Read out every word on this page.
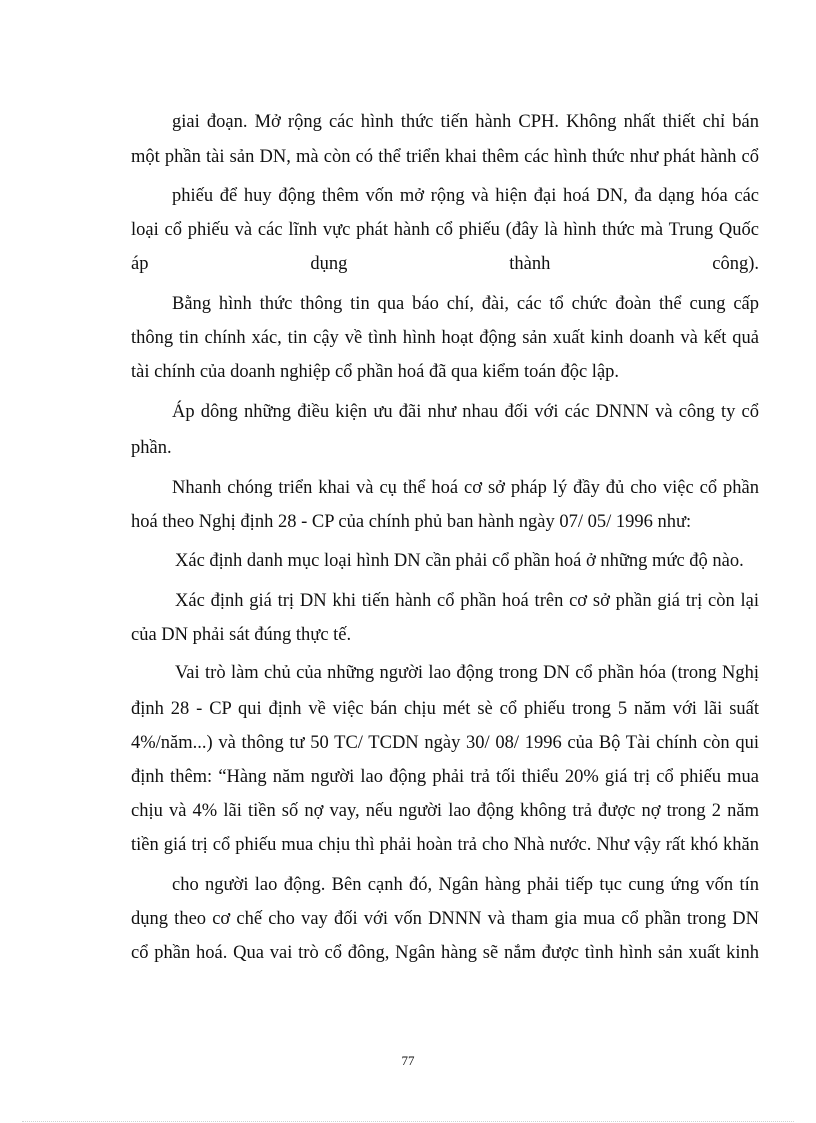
giai đoạn. Mở rộng các hình thức tiến hành CPH. Không nhất thiết chỉ bán
một phần tài sản DN, mà còn có thể triển khai thêm các hình thức như phát hành cổ
phiếu để huy động thêm vốn mở rộng và hiện đại hoá DN, đa dạng hóa các
loại cổ phiếu và các lĩnh vực phát hành cổ phiếu (đây là hình thức mà Trung Quốc
áp dụng thành công).
Bằng hình thức thông tin qua báo chí, đài, các tổ chức đoàn thể cung cấp
thông tin chính xác, tin cậy về tình hình hoạt động sản xuất kinh doanh và kết quả
tài chính của doanh nghiệp cổ phần hoá đã qua kiểm toán độc lập.
Áp dông những điều kiện ưu đãi như nhau đối với các DNNN và công ty cổ
phần.
Nhanh chóng triển khai và cụ thể hoá cơ sở pháp lý đầy đủ cho việc cổ phần
hoá theo Nghị định 28 - CP của chính phủ ban hành ngày 07/ 05/ 1996 như:
Xác định danh mục loại hình DN cần phải cổ phần hoá ở những mức độ nào.
Xác định giá trị DN khi tiến hành cổ phần hoá trên cơ sở phần giá trị còn lại
của DN phải sát đúng thực tế.
Vai trò làm chủ của những người lao động trong DN cổ phần hóa (trong Nghị
định 28 - CP qui định về việc bán chịu mét sè cổ phiếu trong 5 năm với lãi suất
4%/năm...) và thông tư 50 TC/ TCDN ngày 30/ 08/ 1996 của Bộ Tài chính còn qui
định thêm: “Hàng năm người lao động phải trả tối thiểu 20% giá trị cổ phiếu mua
chịu và 4% lãi tiền số nợ vay, nếu người lao động không trả được nợ trong 2 năm
tiền giá trị cổ phiếu mua chịu thì phải hoàn trả cho Nhà nước. Như vậy rất khó khăn
cho người lao động. Bên cạnh đó, Ngân hàng phải tiếp tục cung ứng vốn tín
dụng theo cơ chế cho vay đối với vốn DNNN và tham gia mua cổ phần trong DN
cổ phần hoá. Qua vai trò cổ đông, Ngân hàng sẽ nắm được tình hình sản xuất kinh
77
